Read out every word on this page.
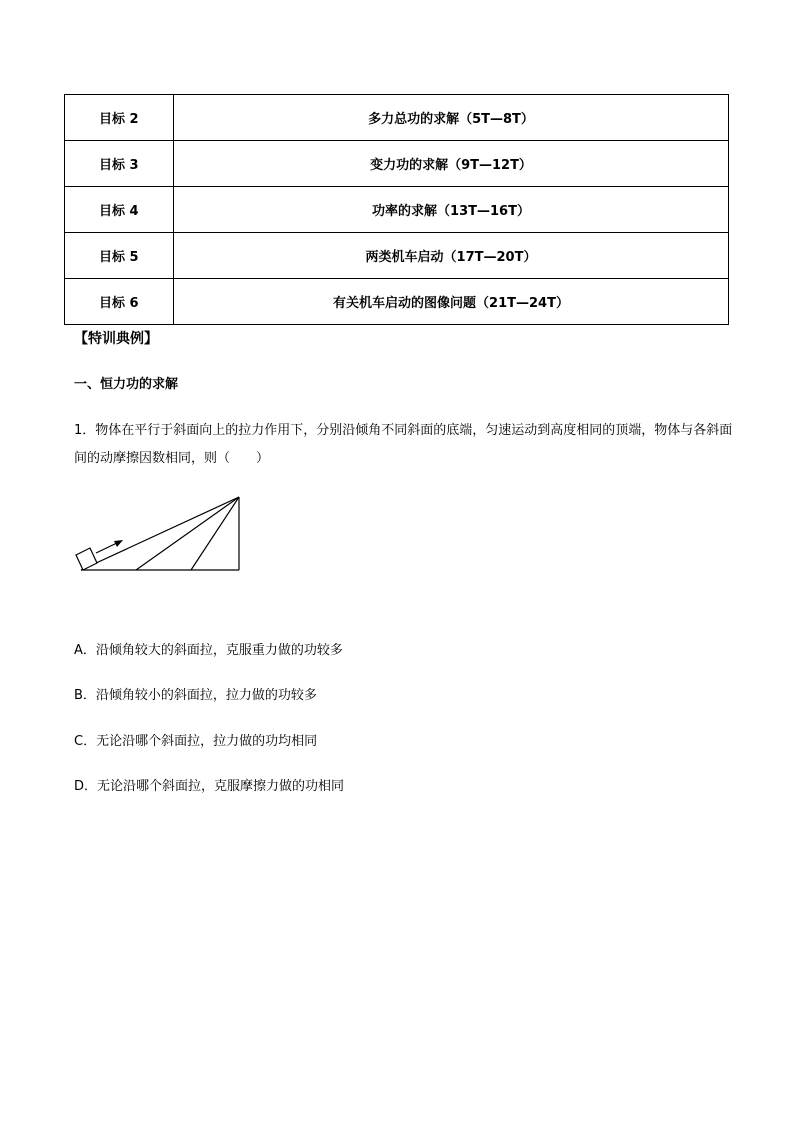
目标 2	多力总功的求解（5T—8T）
目标 3	变力功的求解（9T—12T）
目标 4	功率的求解（13T—16T）
目标 5	两类机车启动（17T—20T）
目标 6	有关机车启动的图像问题（21T—24T）
【特训典例】
一、恒力功的求解
1．物体在平行于斜面向上的拉力作用下，分别沿倾角不同斜面的底端，匀速运动到高度相同的顶端，物体与各斜面间的动摩擦因数相同，则（　　）
A．沿倾角较大的斜面拉，克服重力做的功较多
B．沿倾角较小的斜面拉，拉力做的功较多
C．无论沿哪个斜面拉，拉力做的功均相同
D．无论沿哪个斜面拉，克服摩擦力做的功相同
